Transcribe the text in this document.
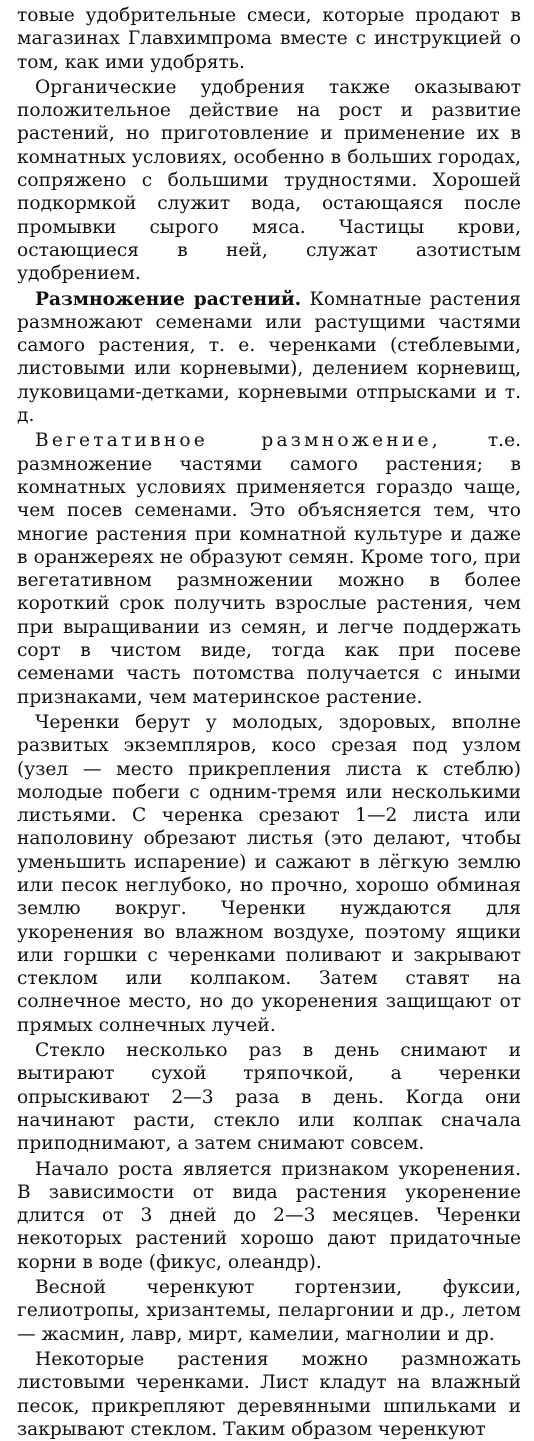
товые удобрительные смеси, которые продают в магазинах Главхимпрома вместе с инструкцией о том, как ими удобрять.

Органические удобрения также оказывают положительное действие на рост и развитие растений, но приготовление и применение их в комнатных условиях, особенно в больших городах, сопряжено с большими трудностями. Хорошей подкормкой служит вода, остающаяся после промывки сырого мяса. Частицы крови, остающиеся в ней, служат азотистым удобрением.

Размножение растений. Комнатные растения размножают семенами или растущими частями самого растения, т. е. черенками (стеблевыми, листовыми или корневыми), делением корневищ, луковицами-детками, корневыми отпрысками и т. д.

Вегетативное размножение, т.е. размножение частями самого растения; в комнатных условиях применяется гораздо чаще, чем посев семенами. Это объясняется тем, что многие растения при комнатной культуре и даже в оранжереях не образуют семян. Кроме того, при вегетативном размножении можно в более короткий срок получить взрослые растения, чем при выращивании из семян, и легче поддержать сорт в чистом виде, тогда как при посеве семенами часть потомства получается с иными признаками, чем материнское растение.

Черенки берут у молодых, здоровых, вполне развитых экземпляров, косо срезая под узлом (узел — место прикрепления листа к стеблю) молодые побеги с одним-тремя или несколькими листьями. С черенка срезают 1—2 листа или наполовину обрезают листья (это делают, чтобы уменьшить испарение) и сажают в лёгкую землю или песок неглубоко, но прочно, хорошо обминая землю вокруг. Черенки нуждаются для укоренения во влажном воздухе, поэтому ящики или горшки с черенками поливают и закрывают стеклом или колпаком. Затем ставят на солнечное место, но до укоренения защищают от прямых солнечных лучей.

Стекло несколько раз в день снимают и вытирают сухой тряпочкой, а черенки опрыскивают 2—3 раза в день. Когда они начинают расти, стекло или колпак сначала приподнимают, а затем снимают совсем.

Начало роста является признаком укоренения. В зависимости от вида растения укоренение длится от 3 дней до 2—3 месяцев. Черенки некоторых растений хорошо дают придаточные корни в воде (фикус, олеандр).

Весной черенкуют гортензии, фуксии, гелиотропы, хризантемы, пеларгонии и др., летом — жасмин, лавр, мирт, камелии, магнолии и др.

Некоторые растения можно размножать листовыми черенками. Лист кладут на влажный песок, прикрепляют деревянными шпильками и закрывают стеклом. Таким образом черенкуют
